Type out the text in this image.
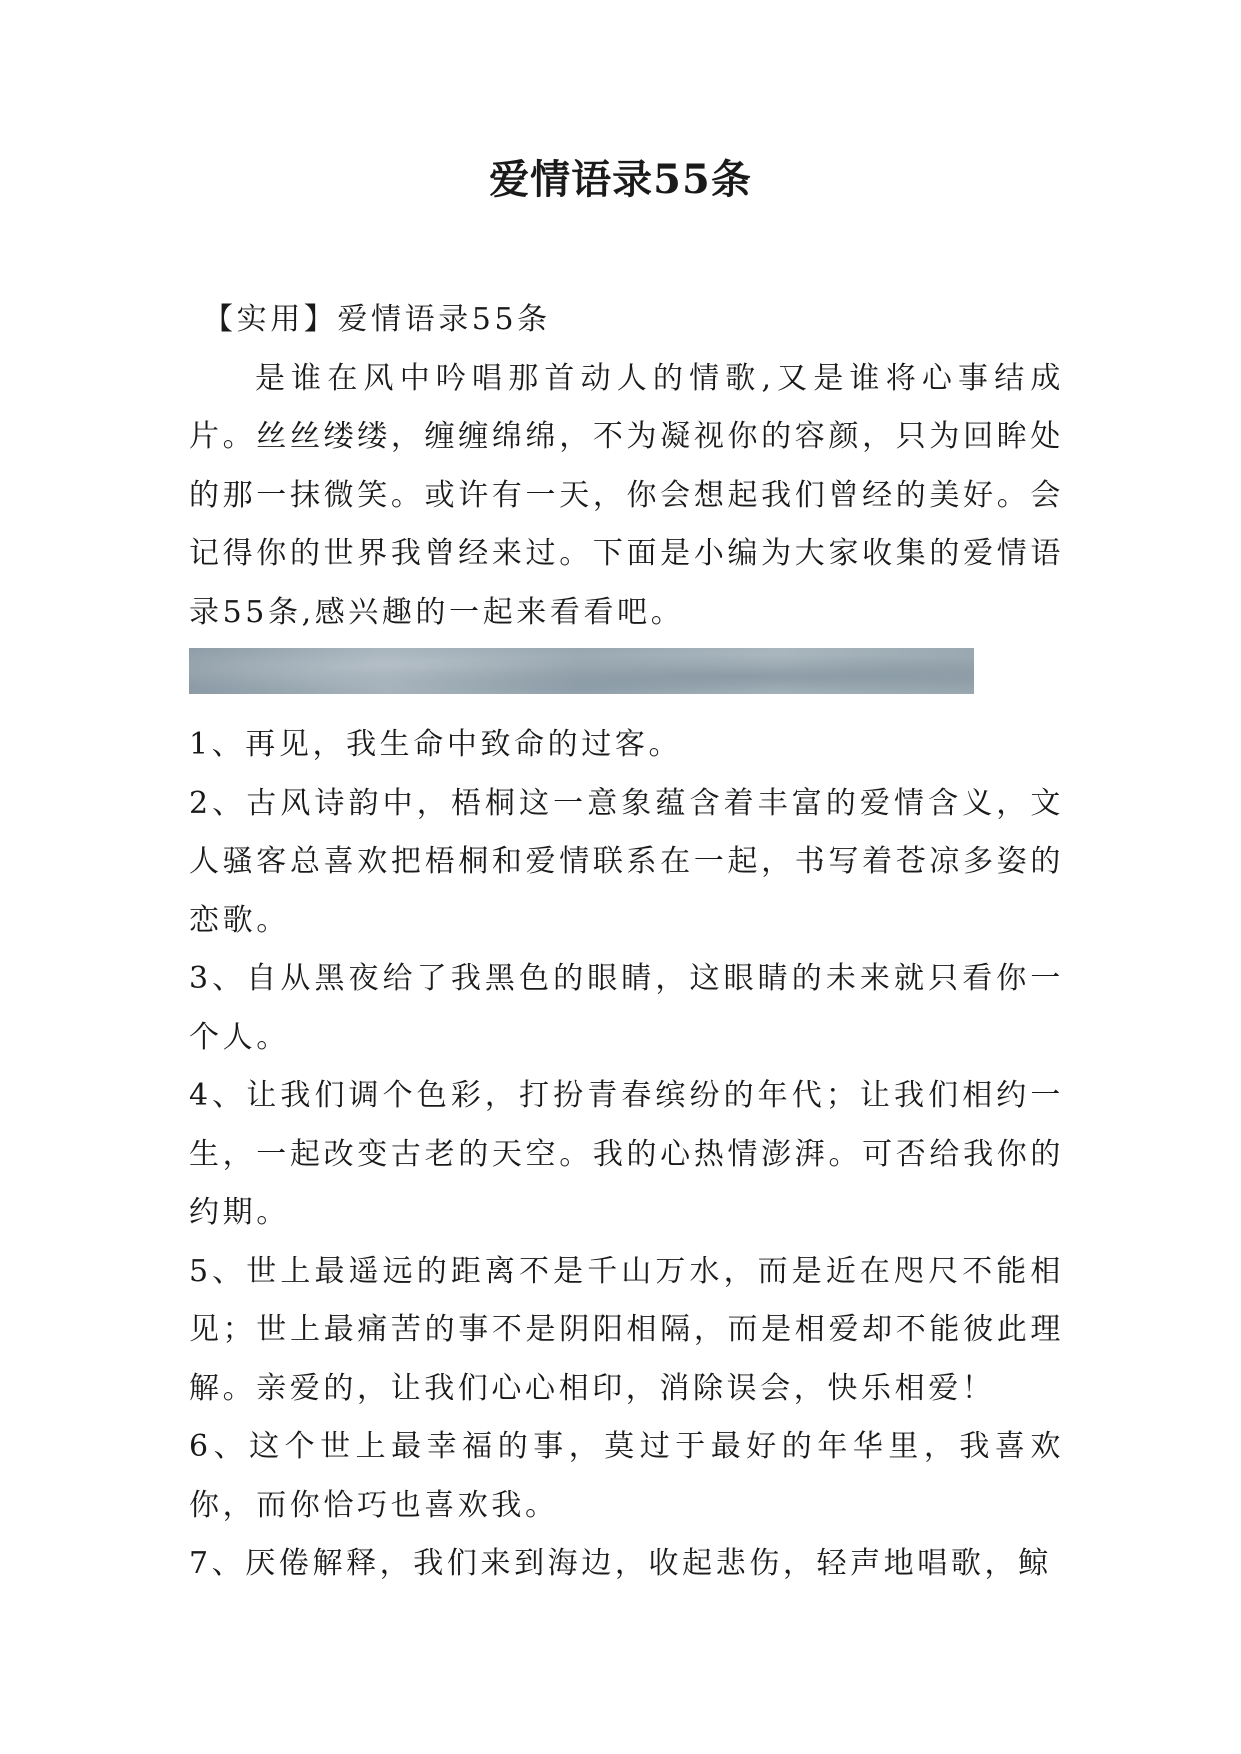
爱情语录55条

【实用】爱情语录55条

是谁在风中吟唱那首动人的情歌,又是谁将心事结成片。丝丝缕缕，缠缠绵绵，不为凝视你的容颜，只为回眸处的那一抹微笑。或许有一天，你会想起我们曾经的美好。会记得你的世界我曾经来过。下面是小编为大家收集的爱情语录55条,感兴趣的一起来看看吧。

1、再见，我生命中致命的过客。

2、古风诗韵中，梧桐这一意象蕴含着丰富的爱情含义，文人骚客总喜欢把梧桐和爱情联系在一起，书写着苍凉多姿的恋歌。

3、自从黑夜给了我黑色的眼睛，这眼睛的未来就只看你一个人。

4、让我们调个色彩，打扮青春缤纷的年代；让我们相约一生，一起改变古老的天空。我的心热情澎湃。可否给我你的约期。

5、世上最遥远的距离不是千山万水，而是近在咫尺不能相见；世上最痛苦的事不是阴阳相隔，而是相爱却不能彼此理解。亲爱的，让我们心心相印，消除误会，快乐相爱！

6、这个世上最幸福的事，莫过于最好的年华里，我喜欢你，而你恰巧也喜欢我。

7、厌倦解释，我们来到海边，收起悲伤，轻声地唱歌，鲸
